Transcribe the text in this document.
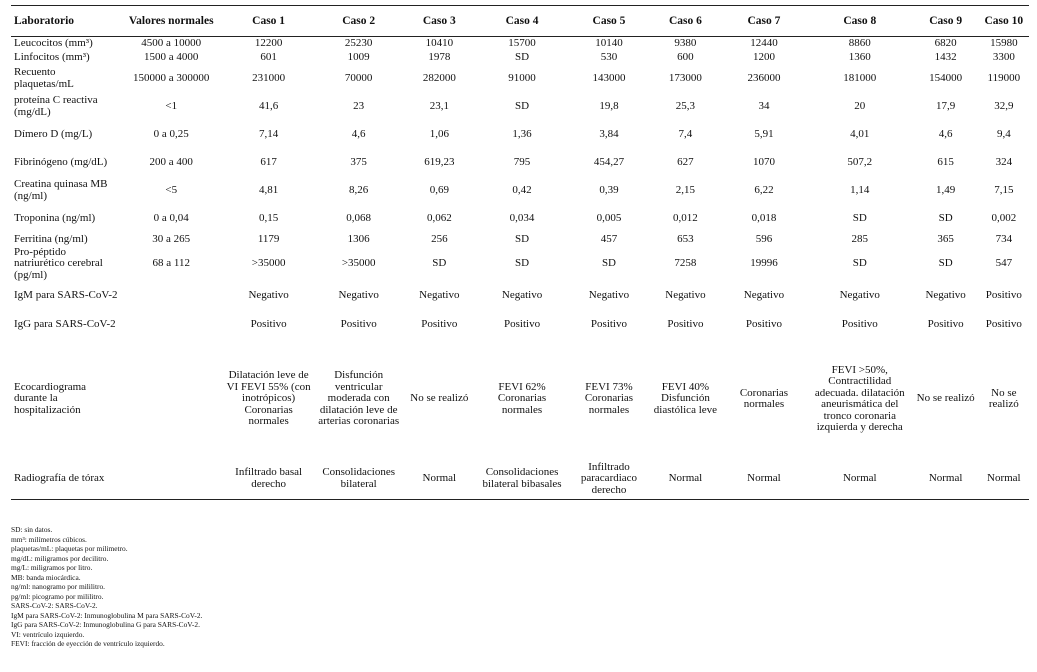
Laboratorio	Valores normales	Caso 1	Caso 2	Caso 3	Caso 4	Caso 5	Caso 6	Caso 7	Caso 8	Caso 9	Caso 10
Leucocitos (mm³)	4500 a 10000	12200	25230	10410	15700	10140	9380	12440	8860	6820	15980
Linfocitos (mm³)	1500 a 4000	601	1009	1978	SD	530	600	1200	1360	1432	3300
Recuento plaquetas/mL	150000 a 300000	231000	70000	282000	91000	143000	173000	236000	181000	154000	119000
proteína C reactiva (mg/dL)	<1	41,6	23	23,1	SD	19,8	25,3	34	20	17,9	32,9
Dímero D (mg/L)	0 a 0,25	7,14	4,6	1,06	1,36	3,84	7,4	5,91	4,01	4,6	9,4
Fibrinógeno (mg/dL)	200 a 400	617	375	619,23	795	454,27	627	1070	507,2	615	324
Creatina quinasa MB (ng/ml)	<5	4,81	8,26	0,69	0,42	0,39	2,15	6,22	1,14	1,49	7,15
Troponina (ng/ml)	0 a 0,04	0,15	0,068	0,062	0,034	0,005	0,012	0,018	SD	SD	0,002
Ferritina (ng/ml)	30 a 265	1179	1306	256	SD	457	653	596	285	365	734
Pro-péptido natriurético cerebral (pg/ml)	68 a 112	>35000	>35000	SD	SD	SD	7258	19996	SD	SD	547
IgM para SARS-CoV-2		Negativo	Negativo	Negativo	Negativo	Negativo	Negativo	Negativo	Negativo	Negativo	Positivo
IgG para SARS-CoV-2		Positivo	Positivo	Positivo	Positivo	Positivo	Positivo	Positivo	Positivo	Positivo	Positivo
Ecocardiograma durante la hospitalización		Dilatación leve de VI FEVI 55% (con inotrópicos) Coronarias normales	Disfunción ventricular moderada con dilatación leve de arterias coronarias	No se realizó	FEVI 62% Coronarias normales	FEVI 73% Coronarias normales	FEVI 40% Disfunción diastólica leve	Coronarias normales	FEVI >50%, Contractilidad adecuada. dilatación aneurismática del tronco coronaria izquierda y derecha	No se realizó	No se realizó
Radiografía de tórax		Infiltrado basal derecho	Consolidaciones bilateral	Normal	Consolidaciones bilateral bibasales	Infiltrado paracardiaco derecho	Normal	Normal	Normal	Normal	Normal
SD: sin datos.
mm³: milímetros cúbicos.
plaquetas/mL: plaquetas por milimetro.
mg/dL: miligramos por decilitro.
mg/L: miligramos por litro.
MB: banda miocárdica.
ng/ml: nanogramo por mililitro.
pg/ml: picogramo por mililitro.
SARS-CoV-2: SARS-CoV-2.
IgM para SARS-CoV-2: Inmunoglobulina M para SARS-CoV-2.
IgG para SARS-CoV-2: Inmunoglobulina G para SARS-CoV-2.
VI: ventrículo izquierdo.
FEVI: fracción de eyección de ventrículo izquierdo.
